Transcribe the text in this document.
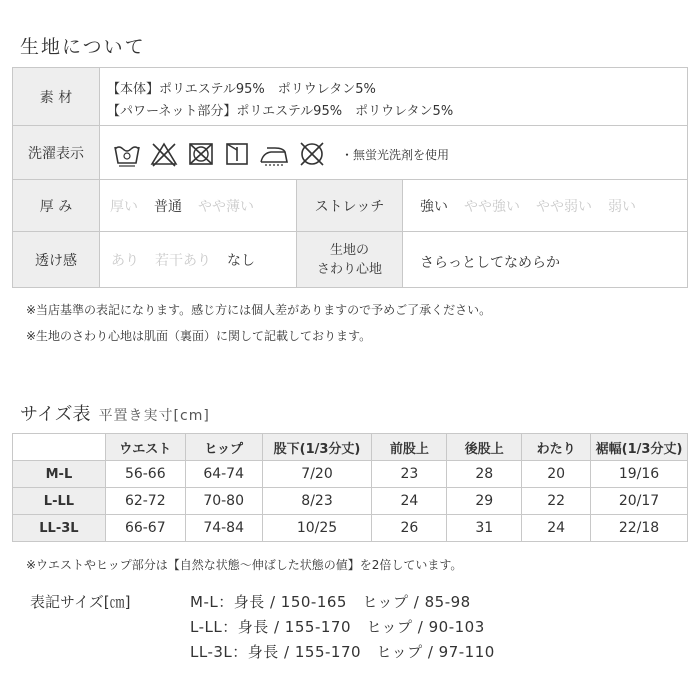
生地について
素 材	【本体】ポリエステル95%　ポリウレタン5%
【パワーネット部分】ポリエステル95%　ポリウレタン5%
洗濯表示	・無蛍光洗剤を使用
厚 み	厚い 普通 やや薄い	ストレッチ	強い やや強い やや弱い 弱い
透け感	あり 若干あり なし
生地の
さわり心地	さらっとしてなめらか
※当店基準の表記になります。感じ方には個人差がありますので予めご了承ください。
※生地のさわり心地は肌面（裏面）に関して記載しております。
サイズ表 平置き実寸[cm]
	ウエスト	ヒップ	股下(1/3分丈)	前股上	後股上	わたり	裾幅(1/3分丈)
M-L	56-66	64-74	7/20	23	28	20	19/16
L-LL	62-72	70-80	8/23	24	29	22	20/17
LL-3L	66-67	74-84	10/25	26	31	24	22/18
※ウエストやヒップ部分は【自然な状態〜伸ばした状態の値】を2倍しています。
表記サイズ[㎝]	M-L：身長 / 150-165　ヒップ / 85-98
L-LL：身長 / 155-170　ヒップ / 90-103
LL-3L：身長 / 155-170　ヒップ / 97-110
